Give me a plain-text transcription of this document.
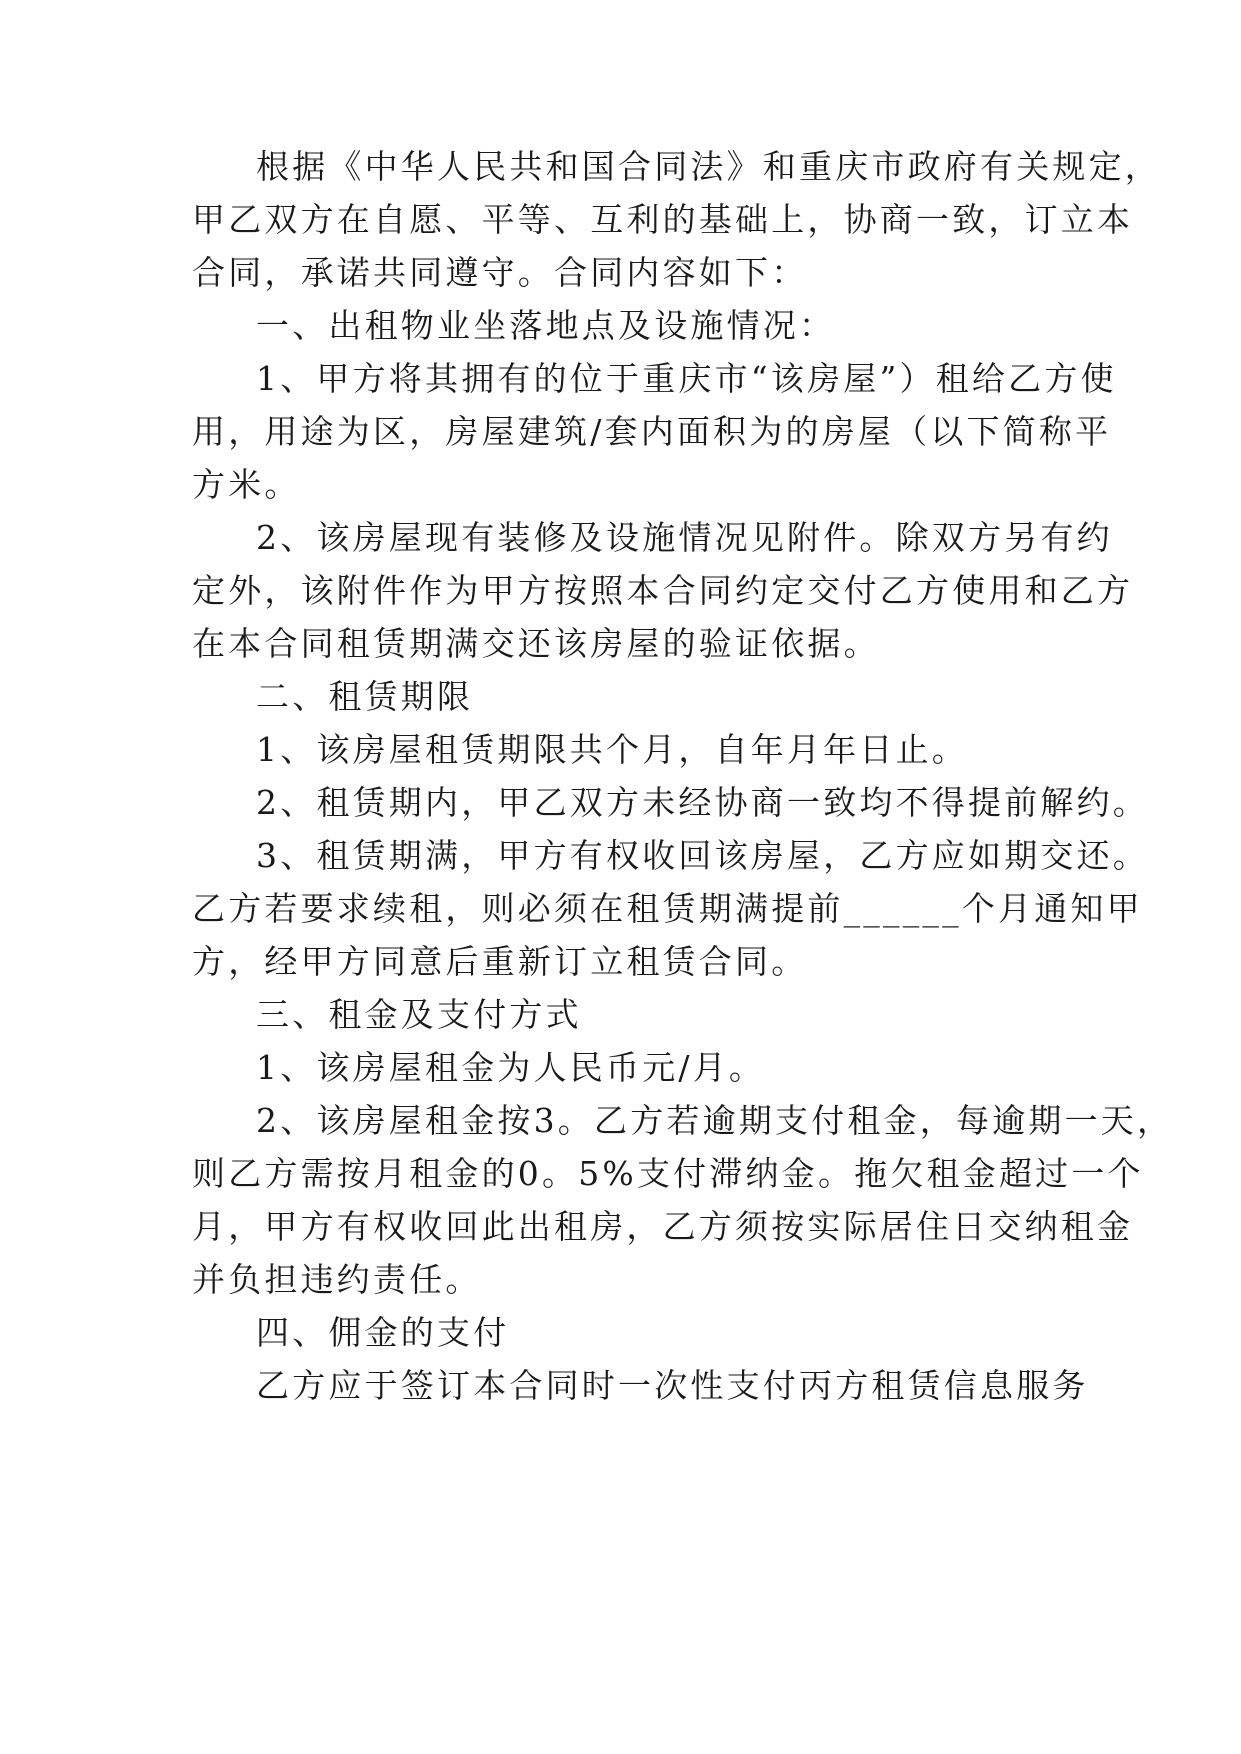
根据《中华人民共和国合同法》和重庆市政府有关规定，
甲乙双方在自愿、平等、互利的基础上，协商一致，订立本
合同，承诺共同遵守。合同内容如下：
一、出租物业坐落地点及设施情况：
1、甲方将其拥有的位于重庆市“该房屋”）租给乙方使
用，用途为区，房屋建筑/套内面积为的房屋（以下简称平
方米。
2、该房屋现有装修及设施情况见附件。除双方另有约
定外，该附件作为甲方按照本合同约定交付乙方使用和乙方
在本合同租赁期满交还该房屋的验证依据。
二、租赁期限
1、该房屋租赁期限共个月，自年月年日止。
2、租赁期内，甲乙双方未经协商一致均不得提前解约。
3、租赁期满，甲方有权收回该房屋，乙方应如期交还。
乙方若要求续租，则必须在租赁期满提前______个月通知甲
方，经甲方同意后重新订立租赁合同。
三、租金及支付方式
1、该房屋租金为人民币元/月。
2、该房屋租金按3。乙方若逾期支付租金，每逾期一天，
则乙方需按月租金的0。5%支付滞纳金。拖欠租金超过一个
月，甲方有权收回此出租房，乙方须按实际居住日交纳租金
并负担违约责任。
四、佣金的支付
乙方应于签订本合同时一次性支付丙方租赁信息服务
